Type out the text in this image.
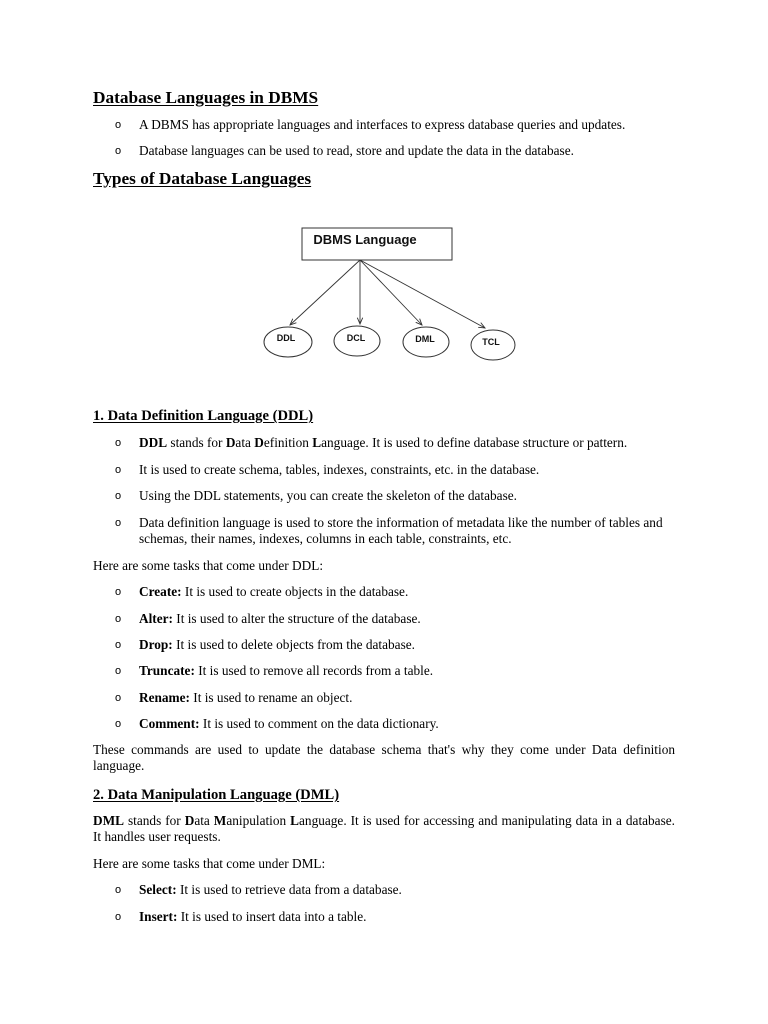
Database Languages in DBMS
o A DBMS has appropriate languages and interfaces to express database queries and updates.
o Database languages can be used to read, store and update the data in the database.
Types of Database Languages
DBMS Language
DDL	DCL	DML	TCL
1. Data Definition Language (DDL)
o DDL stands for Data Definition Language. It is used to define database structure or pattern.
o It is used to create schema, tables, indexes, constraints, etc. in the database.
o Using the DDL statements, you can create the skeleton of the database.
o Data definition language is used to store the information of metadata like the number of tables and schemas, their names, indexes, columns in each table, constraints, etc.
Here are some tasks that come under DDL:
o Create: It is used to create objects in the database.
o Alter: It is used to alter the structure of the database.
o Drop: It is used to delete objects from the database.
o Truncate: It is used to remove all records from a table.
o Rename: It is used to rename an object.
o Comment: It is used to comment on the data dictionary.
These commands are used to update the database schema that's why they come under Data definition language.
2. Data Manipulation Language (DML)
DML stands for Data Manipulation Language. It is used for accessing and manipulating data in a database. It handles user requests.
Here are some tasks that come under DML:
o Select: It is used to retrieve data from a database.
o Insert: It is used to insert data into a table.
